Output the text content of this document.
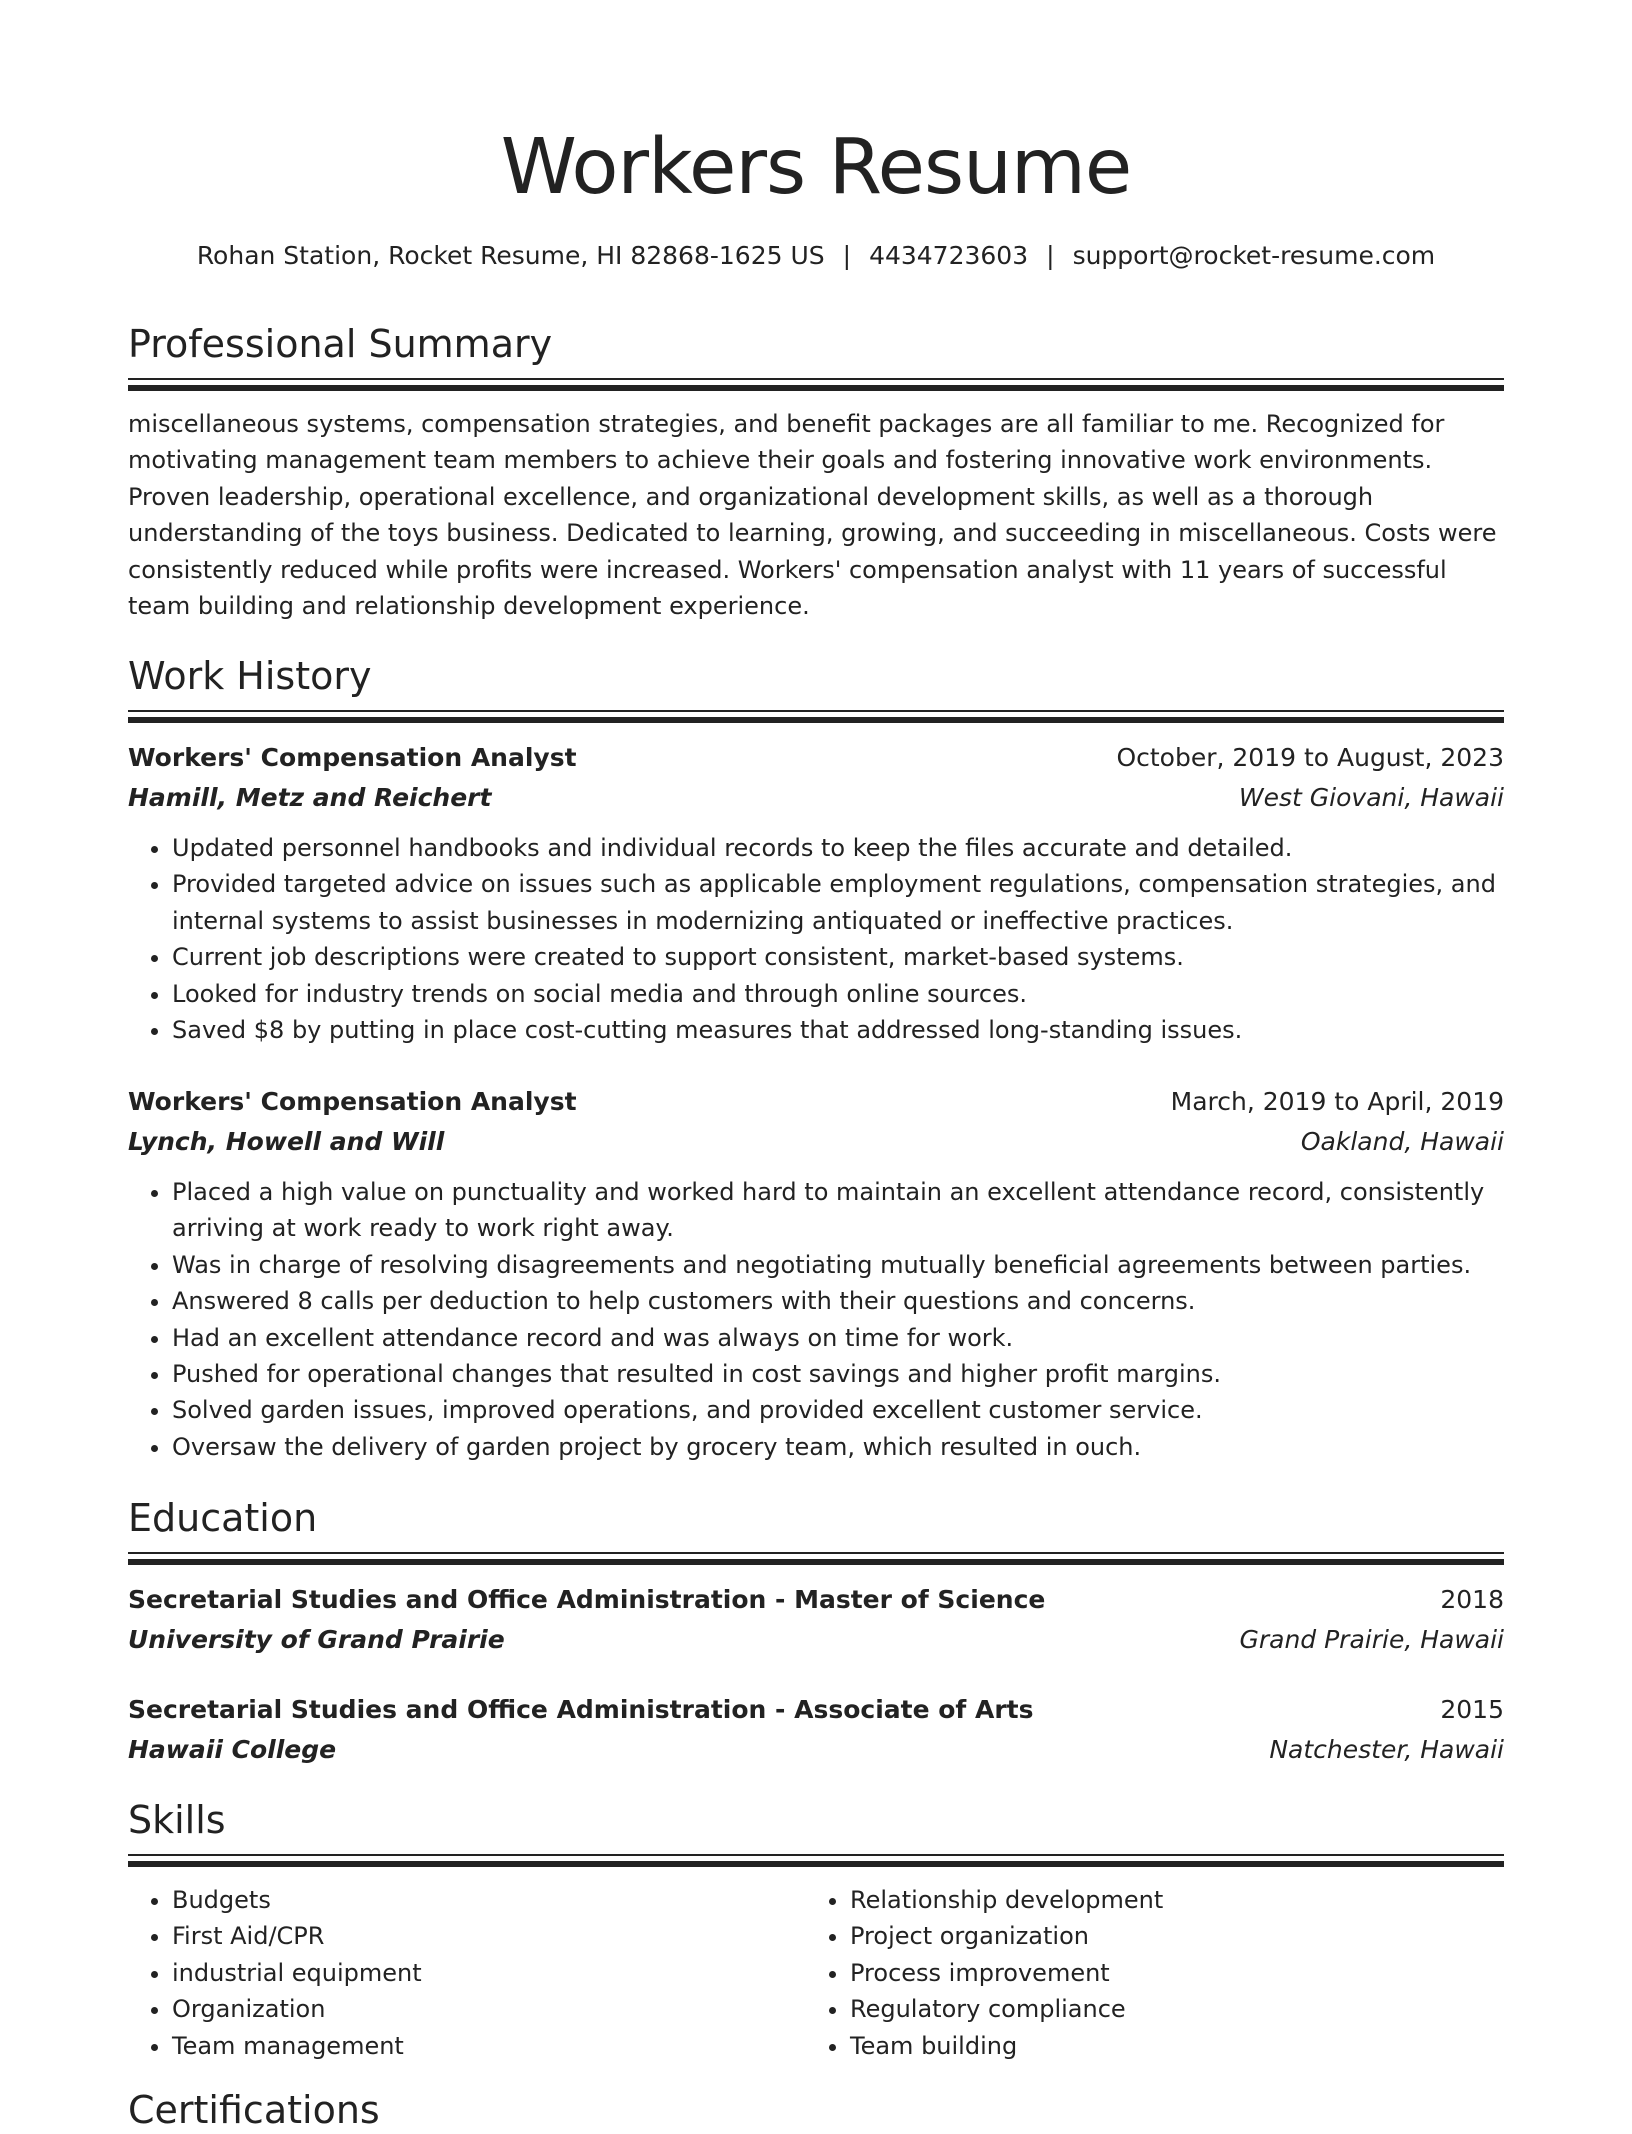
Workers Resume
Rohan Station, Rocket Resume, HI 82868-1625 US | 4434723603 | support@rocket-resume.com
Professional Summary

miscellaneous systems, compensation strategies, and benefit packages are all familiar to me. Recognized for motivating management team members to achieve their goals and fostering innovative work environments. Proven leadership, operational excellence, and organizational development skills, as well as a thorough understanding of the toys business. Dedicated to learning, growing, and succeeding in miscellaneous. Costs were consistently reduced while profits were increased. Workers' compensation analyst with 11 years of successful team building and relationship development experience.

Work History
Workers' Compensation Analyst	October, 2019 to August, 2023
Hamill, Metz and Reichert	West Giovani, Hawaii
• Updated personnel handbooks and individual records to keep the files accurate and detailed.
• Provided targeted advice on issues such as applicable employment regulations, compensation strategies, and internal systems to assist businesses in modernizing antiquated or ineffective practices.
• Current job descriptions were created to support consistent, market-based systems.
• Looked for industry trends on social media and through online sources.
• Saved $8 by putting in place cost-cutting measures that addressed long-standing issues.
Workers' Compensation Analyst	March, 2019 to April, 2019
Lynch, Howell and Will	Oakland, Hawaii
• Placed a high value on punctuality and worked hard to maintain an excellent attendance record, consistently arriving at work ready to work right away.
• Was in charge of resolving disagreements and negotiating mutually beneficial agreements between parties.
• Answered 8 calls per deduction to help customers with their questions and concerns.
• Had an excellent attendance record and was always on time for work.
• Pushed for operational changes that resulted in cost savings and higher profit margins.
• Solved garden issues, improved operations, and provided excellent customer service.
• Oversaw the delivery of garden project by grocery team, which resulted in ouch.
Education
Secretarial Studies and Office Administration - Master of Science	2018
University of Grand Prairie	Grand Prairie, Hawaii
Secretarial Studies and Office Administration - Associate of Arts	2015
Hawaii College	Natchester, Hawaii
Skills
• Budgets
• First Aid/CPR
• industrial equipment
• Organization
• Team management
• Relationship development
• Project organization
• Process improvement
• Regulatory compliance
• Team building
Certifications
